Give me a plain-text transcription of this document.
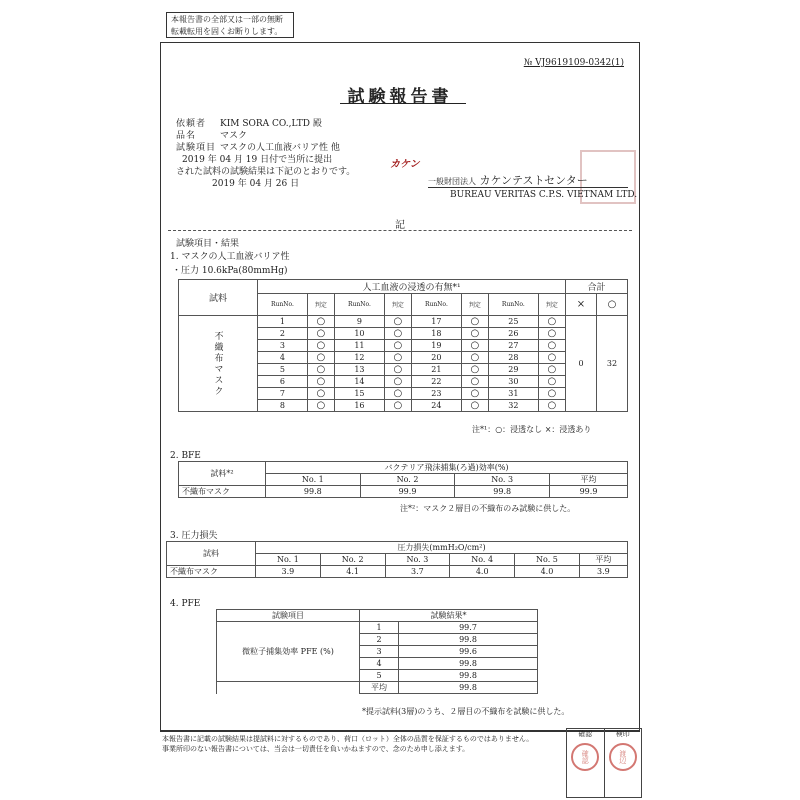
本報告書の全部又は一部の無断
転載転用を固くお断りします。
№ VJ9619109-0342(1)
試験報告書
依頼者 KIM SORA CO.,LTD 殿
品名	マスク
試験項目 マスクの人工血液バリア性 他
2019 年 04 月 19 日付で当所に提出
された試料の試験結果は下記のとおりです。
2019 年 04 月 26 日
カケン
一般財団法人 カケンテストセンター
BUREAU VERITAS C.P.S. VIETNAM LTD.
記
試験項目・結果
1. マスクの人工血液バリア性
・圧力 10.6kPa(80mmHg)
試料	人工血液の浸透の有無*¹								合計	
	RunNo.	判定	RunNo.	判定	RunNo.	判定	RunNo.	判定	×	○
不織布マスク	1	○	9	○	17	○	25	○	0	32
	2	○	10	○	18	○	26	○		
	3	○	11	○	19	○	27	○		
	4	○	12	○	20	○	28	○		
	5	○	13	○	21	○	29	○		
	6	○	14	○	22	○	30	○		
	7	○	15	○	23	○	31	○		
	8	○	16	○	24	○	32	○		
注*¹：○：浸透なし ×：浸透あり
2. BFE
試料*²	バクテリア飛沫捕集(ろ過)効率(%)			
	No. 1	No. 2	No. 3	平均
不織布マスク	99.8	99.9	99.8	99.9
注*²：マスク２層目の不織布のみ試験に供した。
3. 圧力損失
試料	圧力損失(mmH₂O/cm²)					
	No. 1	No. 2	No. 3	No. 4	No. 5	平均
不織布マスク	3.9	4.1	3.7	4.0	4.0	3.9
4. PFE
試験項目	試験結果*	
微粒子捕集効率 PFE (%)	1	99.7
	2	99.8
	3	99.6
	4	99.8
	5	99.8
	平均	99.8
*提示試料(3層)のうち、２層目の不織布を試験に供した。
本報告書に記載の試験結果は提試料に対するものであり、荷口（ロット）全体の品質を保証するものではありません。
事業所印のない報告書については、当会は一切責任を負いかねますので、念のため申し添えます。
確認
確認
検印
渡辺
